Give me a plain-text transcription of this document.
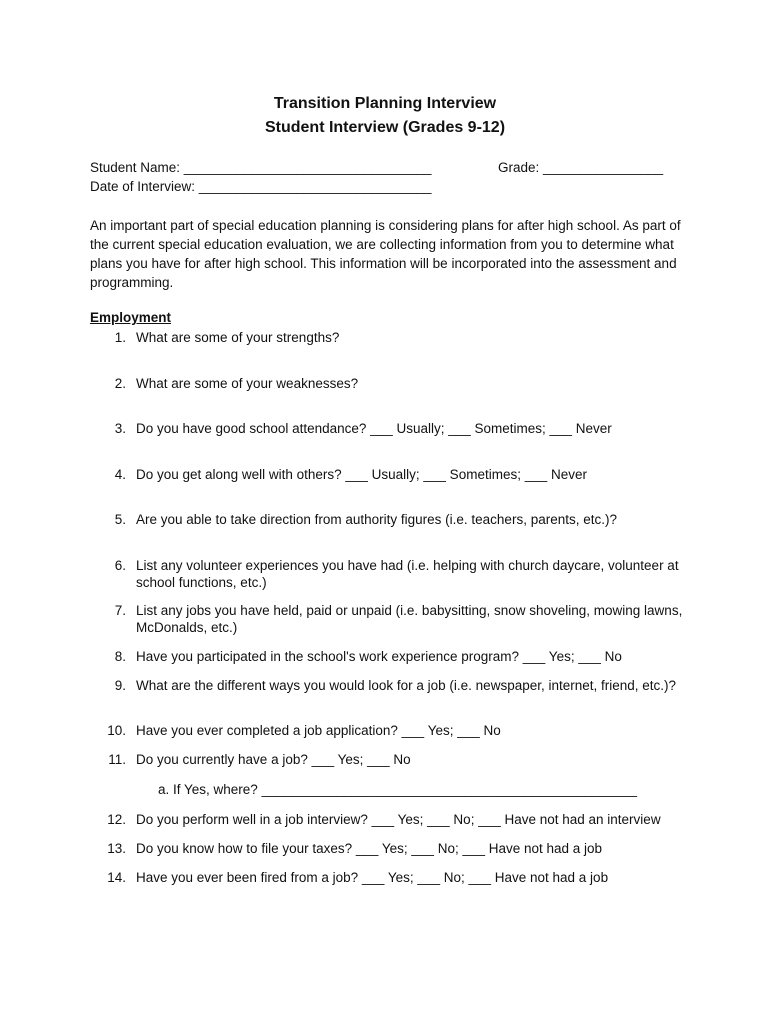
Transition Planning Interview
Student Interview (Grades 9-12)
Student Name: _________________________________	Grade: ________________
Date of Interview: _______________________________
An important part of special education planning is considering plans for after high school. As part of the current special education evaluation, we are collecting information from you to determine what plans you have for after high school. This information will be incorporated into the assessment and programming.
Employment
1. What are some of your strengths?
2. What are some of your weaknesses?
3. Do you have good school attendance? ___ Usually; ___ Sometimes; ___ Never
4. Do you get along well with others? ___ Usually; ___ Sometimes; ___ Never
5. Are you able to take direction from authority figures (i.e. teachers, parents, etc.)?
6. List any volunteer experiences you have had (i.e. helping with church daycare, volunteer at school functions, etc.)
7. List any jobs you have held, paid or unpaid (i.e. babysitting, snow shoveling, mowing lawns, McDonalds, etc.)
8. Have you participated in the school's work experience program? ___ Yes; ___ No
9. What are the different ways you would look for a job (i.e. newspaper, internet, friend, etc.)?
10. Have you ever completed a job application? ___ Yes; ___ No
11. Do you currently have a job? ___ Yes; ___ No
a. If Yes, where? __________________________________________________
12. Do you perform well in a job interview? ___ Yes; ___ No; ___ Have not had an interview
13. Do you know how to file your taxes? ___ Yes; ___ No; ___ Have not had a job
14. Have you ever been fired from a job? ___ Yes; ___ No; ___ Have not had a job
